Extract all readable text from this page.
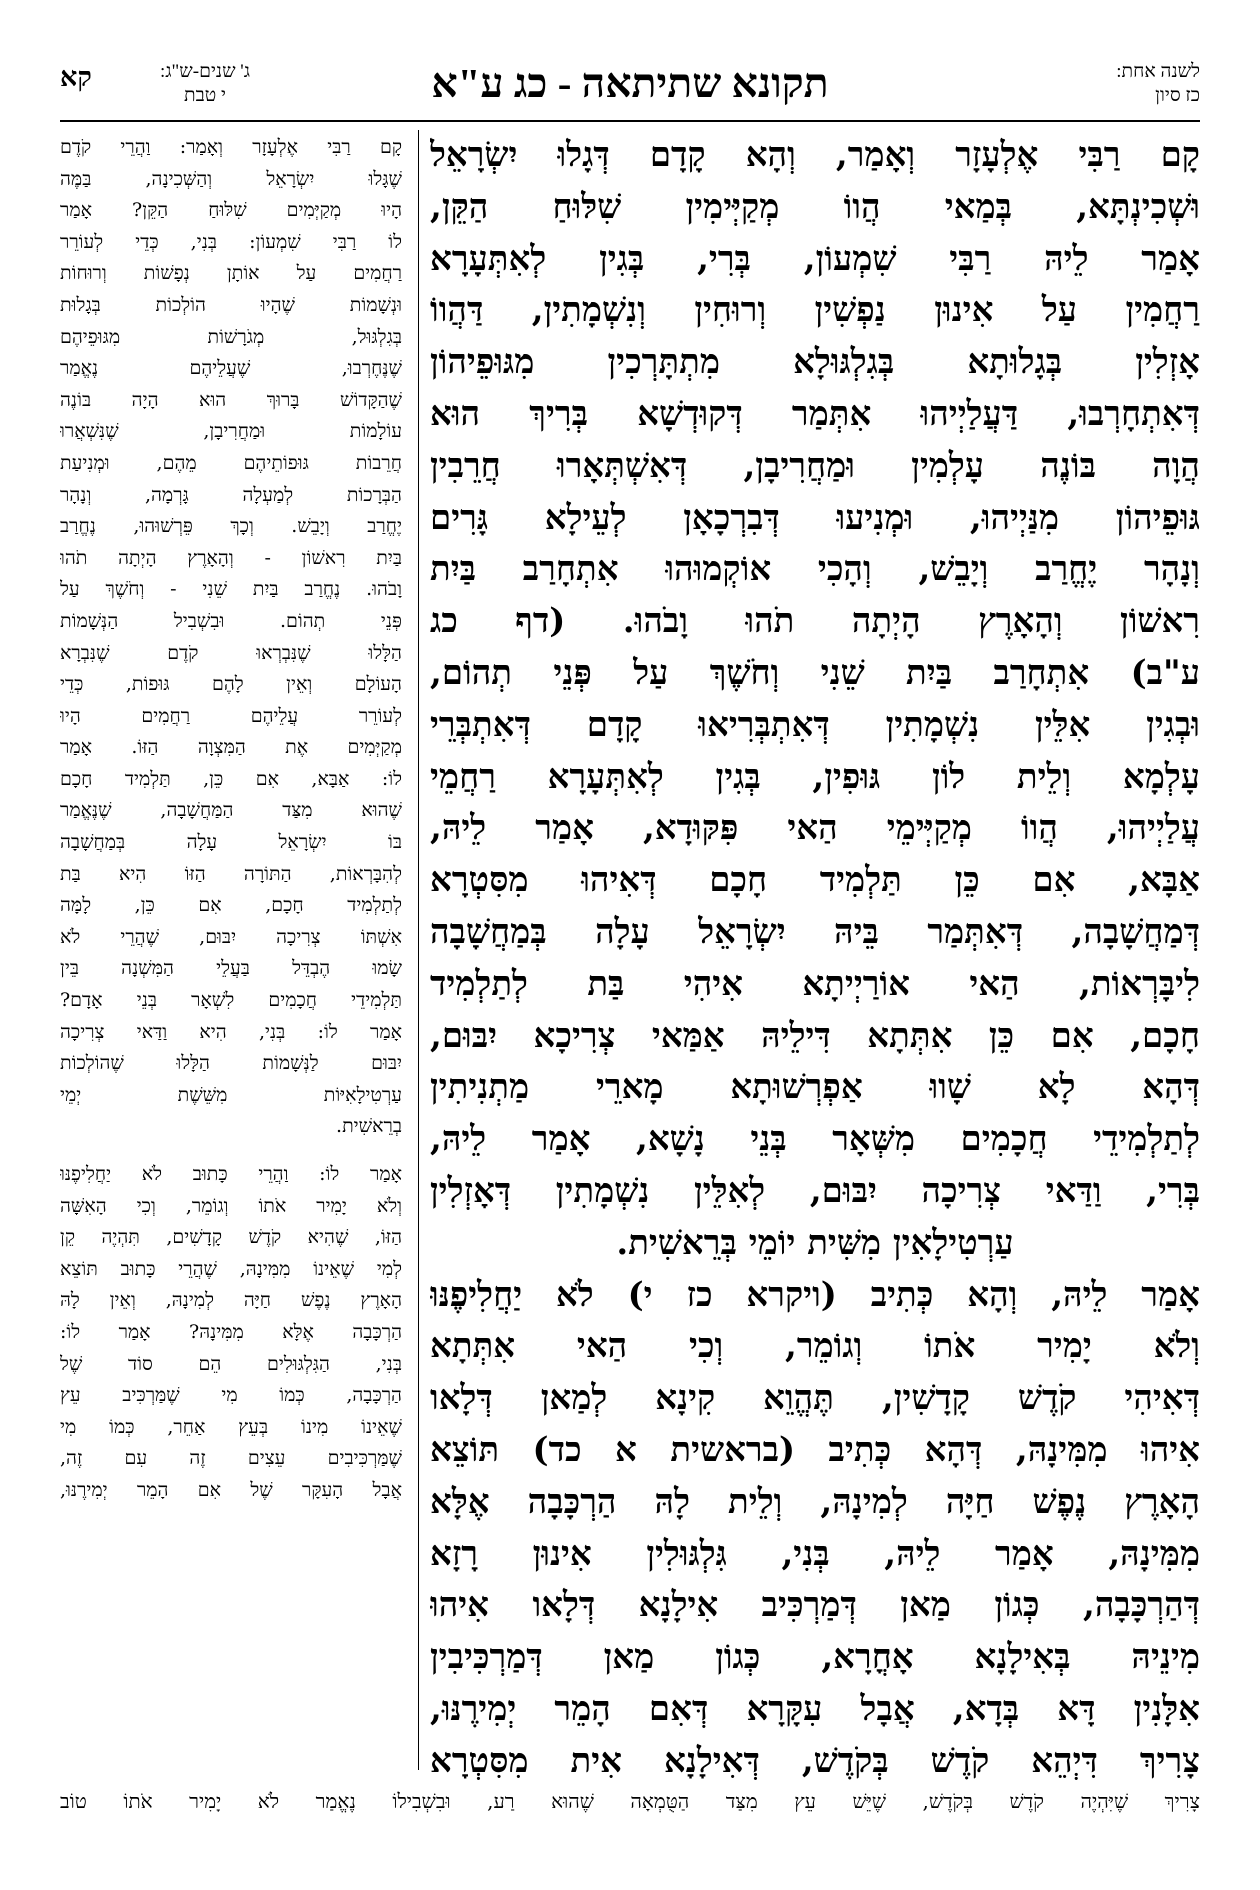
לשנה אחת:
כז סיון
תקונא שתיתאה - כג ע"א
ג' שנים-ש"ג:
י טבת
קא
קָם רַבִּי אֶלְעָזָר וְאָמַר, וְהָא קָדָם דְּגָלוּ יִשְׂרָאֵל
וּשְׁכִינְתָּא, בְּמַאי הֲווֹ מְקַיְּימִין שִׁלּוּחַ הַקֵּן,
אָמַר לֵיהּ רַבִּי שִׁמְעוֹן, בְּרִי, בְּגִין לְאִתְּעָרָא
רַחֲמִין עַל אִינוּן נַפְשִׁין וְרוּחִין וְנִשְׁמָתִין, דַּהֲווֹ
אָזְלִין בְּגָלוּתָא בְּגִלְגּוּלָא מִתְתָּרְכִין מִגּוּפֵיהוֹן
דְּאִתְחָרְבוּ, דַּעֲלַיְיהוּ אִתְּמַר דְּקוּדְשָׁא בְּרִיךְ הוּא
הֲוָה בּוֹנֶה עָלְמִין וּמַחֲרִיבָן, דְּאִשְׁתְּאָרוּ חֲרֵבִין
גּוּפֵיהוֹן מִנַּיְיהוּ, וּמְנִיעוּ דְּבִרְכָאָן לְעֵילָא גָּרִים
וְנָהָר יֶחֱרַב וְיָבֵשׁ, וְהָכִי אוֹקְמוּהוּ אִתְחָרַב בַּיִת
רִאשׁוֹן וְהָאָרֶץ הָיְתָה תֹהוּ וָבֹהוּ. (דף כג
ע"ב) אִתְחָרַב בַּיִת שֵׁנִי וְחֹשֶׁךְ עַל פְּנֵי תְהוֹם,
וּבְגִין אִלֵּין נִשְׁמָתִין דְּאִתְבְּרִיאוּ קָדָם דְּאִתְבְּרֵי
עָלְמָא וְלֵית לוֹן גּוּפִין, בְּגִין לְאִתְּעָרָא רַחֲמֵי
עֲלַיְיהוּ, הֲווֹ מְקַיְּימֵי הַאי פִּקּוּדָא, אָמַר לֵיהּ,
אַבָּא, אִם כֵּן תַּלְמִיד חָכָם דְּאִיהוּ מִסִּטְרָא
דְּמַחֲשָׁבָה, דְּאִתְּמַר בֵּיהּ יִשְׂרָאֵל עָלָה בְּמַחֲשָׁבָה
לִיבָּרְאוֹת, הַאי אוֹרַיְיתָא אִיהִי בַּת לְתַלְמִיד
חָכָם, אִם כֵּן אִתְּתָא דִּילֵיהּ אַמַּאי צְרִיכָא יִבּוּם,
דְּהָא לָא שָׁווּ אַפְרְשׁוּתָא מָארֵי מַתְנִיתִין
לְתַלְמִידֵי חֲכָמִים מִשְּׁאָר בְּנֵי נָשָׁא, אָמַר לֵיהּ,
בְּרִי, וַדַּאי צְרִיכָה יִבּוּם, לְאִלֵּין נִשְׁמָתִין דְּאָזְלִין
עַרְטִילָאִין מִשִּׁית יוֹמֵי בְּרֵאשִׁית.
אָמַר לֵיהּ, וְהָא כְּתִיב (ויקרא כז י) לֹא יַחֲלִיפֶנּוּ
וְלֹא יָמִיר אֹתוֹ וְגוֹמֵר, וְכִי הַאי אִתְּתָא
דְּאִיהִי קֹדֶשׁ קָדָשִׁין, תֶּהֱוֵא קִינָא לְמַאן דְּלָאו
אִיהוּ מִמִּינָהּ, דְּהָא כְּתִיב (בראשית א כד) תּוֹצֵא
הָאָרֶץ נֶפֶשׁ חַיָּה לְמִינָהּ, וְלֵית לָהּ הַרְכָּבָה אֶלָּא
מִמִּינָהּ, אָמַר לֵיהּ, בְּנִי, גִּלְגּוּלִין אִינוּן רָזָא
דְּהַרְכָּבָה, כְּגוֹן מַאן דְּמַרְכִּיב אִילָנָא דְּלָאו אִיהוּ
מִינֵיהּ בְּאִילָנָא אָחֳרָא, כְּגוֹן מַאן דְּמַרְכִּיבִין
אִלָּנִין דָּא בְּדָא, אֲבָל עִקָּרָא דְּאִם הָמֵר יְמִירֶנּוּ,
צָרִיךְ דִּיְהֵא קֹדֶשׁ בְּקֹדֶשׁ, דְּאִילָנָא אִית מִסִּטְרָא
קָם רַבִּי אֶלְעָזָר וְאָמַר: וַהֲרֵי קֹדֶם
שֶׁגָּלוּ יִשְׂרָאֵל וְהַשְּׁכִינָה, בַּמֶּה
הָיוּ מְקַיְּמִים שִׁלּוּחַ הַקֵּן? אָמַר
לוֹ רַבִּי שִׁמְעוֹן: בְּנִי, כְּדֵי לְעוֹרֵר
רַחֲמִים עַל אוֹתָן נְפָשׁוֹת וְרוּחוֹת
וּנְשָׁמוֹת שֶׁהָיוּ הוֹלְכוֹת בְּגָלוּת
בְּגִלְגּוּל, מְגֹרָשׁוֹת מִגּוּפֵיהֶם
שֶׁנֶּחֶרְבוּ, שֶׁעֲלֵיהֶם נֶאֱמַר
שֶׁהַקָּדוֹשׁ בָּרוּךְ הוּא הָיָה בּוֹנֶה
עוֹלָמוֹת וּמַחֲרִיבָן, שֶׁנִּשְׁאֲרוּ
חֲרֵבוֹת גּוּפוֹתֵיהֶם מֵהֶם, וּמְנִיעַת
הַבְּרָכוֹת לְמַעְלָה גָּרְמָה, וְנָהָר
יֶחֱרַב וְיָבֵשׁ. וְכָךְ פֵּרְשׁוּהוּ, נֶחֱרַב
בַּיִת רִאשׁוֹן - וְהָאָרֶץ הָיְתָה תֹהוּ
וָבֹהוּ. נֶחֱרַב בַּיִת שֵׁנִי - וְחֹשֶׁךְ עַל
פְּנֵי תְהוֹם. וּבִשְׁבִיל הַנְּשָׁמוֹת
הַלָּלוּ שֶׁנִּבְרְאוּ קֹדֶם שֶׁנִּבְרָא
הָעוֹלָם וְאֵין לָהֶם גּוּפוֹת, כְּדֵי
לְעוֹרֵר עֲלֵיהֶם רַחֲמִים הָיוּ
מְקַיְּמִים אֶת הַמִּצְוָה הַזּוֹ. אָמַר
לוֹ: אַבָּא, אִם כֵּן, תַּלְמִיד חָכָם
שֶׁהוּא מִצַּד הַמַּחֲשָׁבָה, שֶׁנֶּאֱמַר
בּוֹ יִשְׂרָאֵל עָלָה בְּמַחֲשָׁבָה
לְהִבָּרְאוֹת, הַתּוֹרָה הַזּוֹ הִיא בַּת
לְתַלְמִיד חָכָם, אִם כֵּן, לָמָּה
אִשְׁתּוֹ צְרִיכָה יִבּוּם, שֶׁהֲרֵי לֹא
שָׂמוּ הֶבְדֵּל בַּעֲלֵי הַמִּשְׁנָה בֵּין
תַּלְמִידֵי חֲכָמִים לִשְׁאָר בְּנֵי אָדָם?
אָמַר לוֹ: בְּנִי, הִיא וַדַּאי צְרִיכָה
יִבּוּם לַנְּשָׁמוֹת הַלָּלוּ שֶׁהוֹלְכוֹת
עַרְטִילָאִיּוֹת מִשֵּׁשֶׁת יְמֵי
בְרֵאשִׁית.
אָמַר לוֹ: וַהֲרֵי כָּתוּב לֹא יַחֲלִיפֶנּוּ
וְלֹא יָמִיר אֹתוֹ וְגוֹמֵר, וְכִי הָאִשָּׁה
הַזּוֹ, שֶׁהִיא קֹדֶשׁ קָדָשִׁים, תִּהְיֶה קֵן
לְמִי שֶׁאֵינוֹ מִמִּינָהּ, שֶׁהֲרֵי כָּתוּב תּוֹצֵא
הָאָרֶץ נֶפֶשׁ חַיָּה לְמִינָהּ, וְאֵין לָהּ
הַרְכָּבָה אֶלָּא מִמִּינָהּ? אָמַר לוֹ:
בְּנִי, הַגִּלְגּוּלִים הֵם סוֹד שֶׁל
הַרְכָּבָה, כְּמוֹ מִי שֶׁמַּרְכִּיב עֵץ
שֶׁאֵינוֹ מִינוֹ בְּעֵץ אַחֵר, כְּמוֹ מִי
שֶׁמַּרְכִּיבִים עֵצִים זֶה עִם זֶה,
אֲבָל הָעִקָּר שֶׁל אִם הָמֵר יְמִירֶנּוּ,
צָרִיךְ שֶׁיִּהְיֶה קֹדֶשׁ בְּקֹדֶשׁ, שֶׁיֵּשׁ עֵץ מִצַּד הַטֻּמְאָה שֶׁהוּא רַע, וּבִשְׁבִילוֹ נֶאֱמַר לֹא יָמִיר אֹתוֹ טוֹב
